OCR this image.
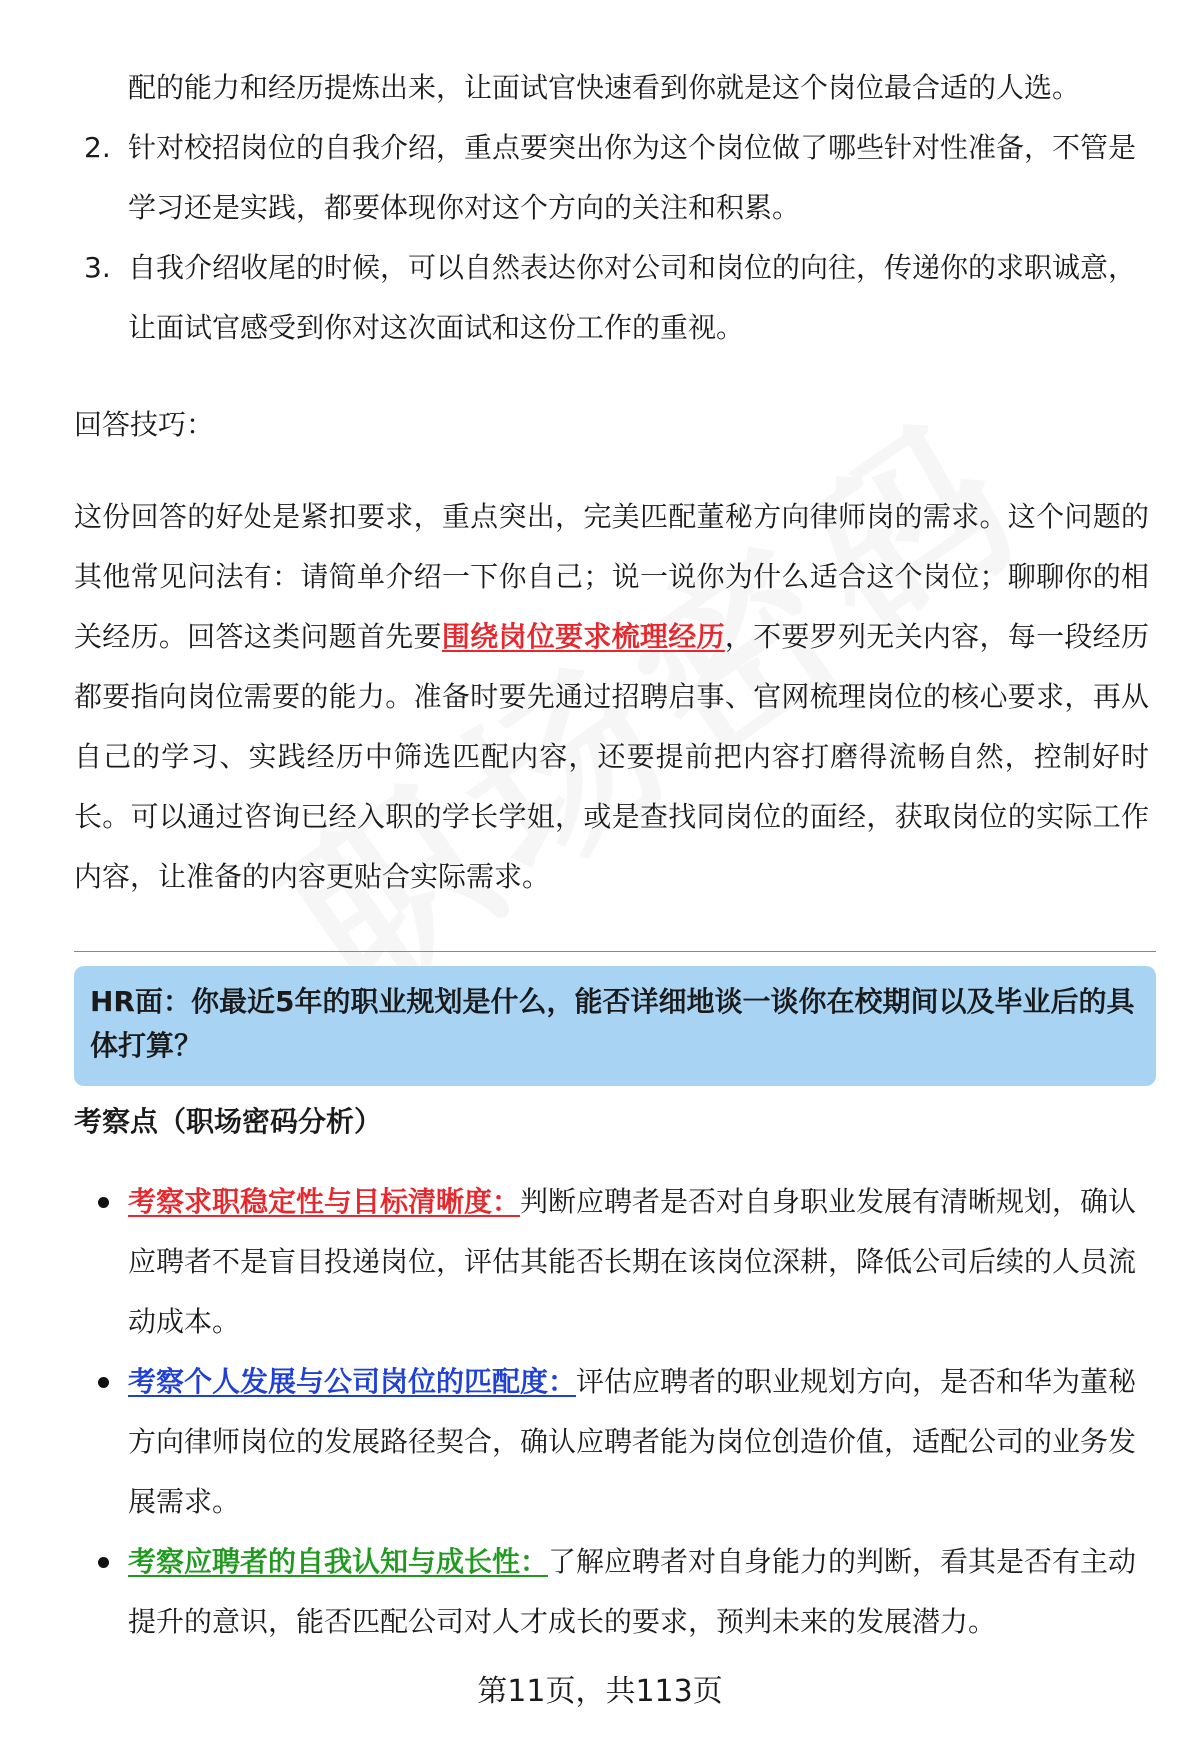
配的能力和经历提炼出来，让面试官快速看到你就是这个岗位最合适的人选。
2. 针对校招岗位的自我介绍，重点要突出你为这个岗位做了哪些针对性准备，不管是学习还是实践，都要体现你对这个方向的关注和积累。
3. 自我介绍收尾的时候，可以自然表达你对公司和岗位的向往，传递你的求职诚意，让面试官感受到你对这次面试和这份工作的重视。
回答技巧：
这份回答的好处是紧扣要求，重点突出，完美匹配董秘方向律师岗的需求。这个问题的其他常见问法有：请简单介绍一下你自己；说一说你为什么适合这个岗位；聊聊你的相关经历。回答这类问题首先要围绕岗位要求梳理经历，不要罗列无关内容，每一段经历都要指向岗位需要的能力。准备时要先通过招聘启事、官网梳理岗位的核心要求，再从自己的学习、实践经历中筛选匹配内容，还要提前把内容打磨得流畅自然，控制好时长。可以通过咨询已经入职的学长学姐，或是查找同岗位的面经，获取岗位的实际工作内容，让准备的内容更贴合实际需求。
HR面：你最近5年的职业规划是什么，能否详细地谈一谈你在校期间以及毕业后的具体打算？
考察点（职场密码分析）
考察求职稳定性与目标清晰度：判断应聘者是否对自身职业发展有清晰规划，确认应聘者不是盲目投递岗位，评估其能否长期在该岗位深耕，降低公司后续的人员流动成本。
考察个人发展与公司岗位的匹配度：评估应聘者的职业规划方向，是否和华为董秘方向律师岗位的发展路径契合，确认应聘者能为岗位创造价值，适配公司的业务发展需求。
考察应聘者的自我认知与成长性：了解应聘者对自身能力的判断，看其是否有主动提升的意识，能否匹配公司对人才成长的要求，预判未来的发展潜力。
第11页，共113页
